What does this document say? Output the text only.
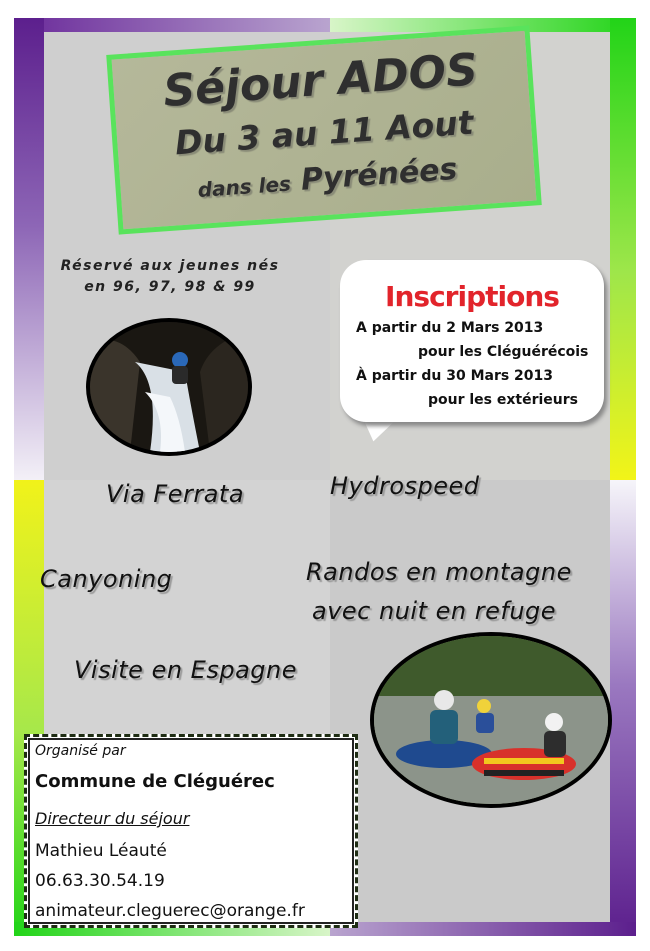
Séjour ADOS
Du 3 au 11 Aout
dans les Pyrénées
Réservé aux jeunes nés
en 96, 97, 98 & 99	Inscriptions
A partir du 2 Mars 2013
pour les Cléguérécois
À partir du 30 Mars 2013
pour les extérieurs
Via Ferrata	Hydrospeed
Canyoning	Randos en montagne
avec nuit en refuge
Visite en Espagne
Organisé par
Commune de Cléguérec
Directeur du séjour
Mathieu Léauté
06.63.30.54.19
animateur.cleguerec@orange.fr
